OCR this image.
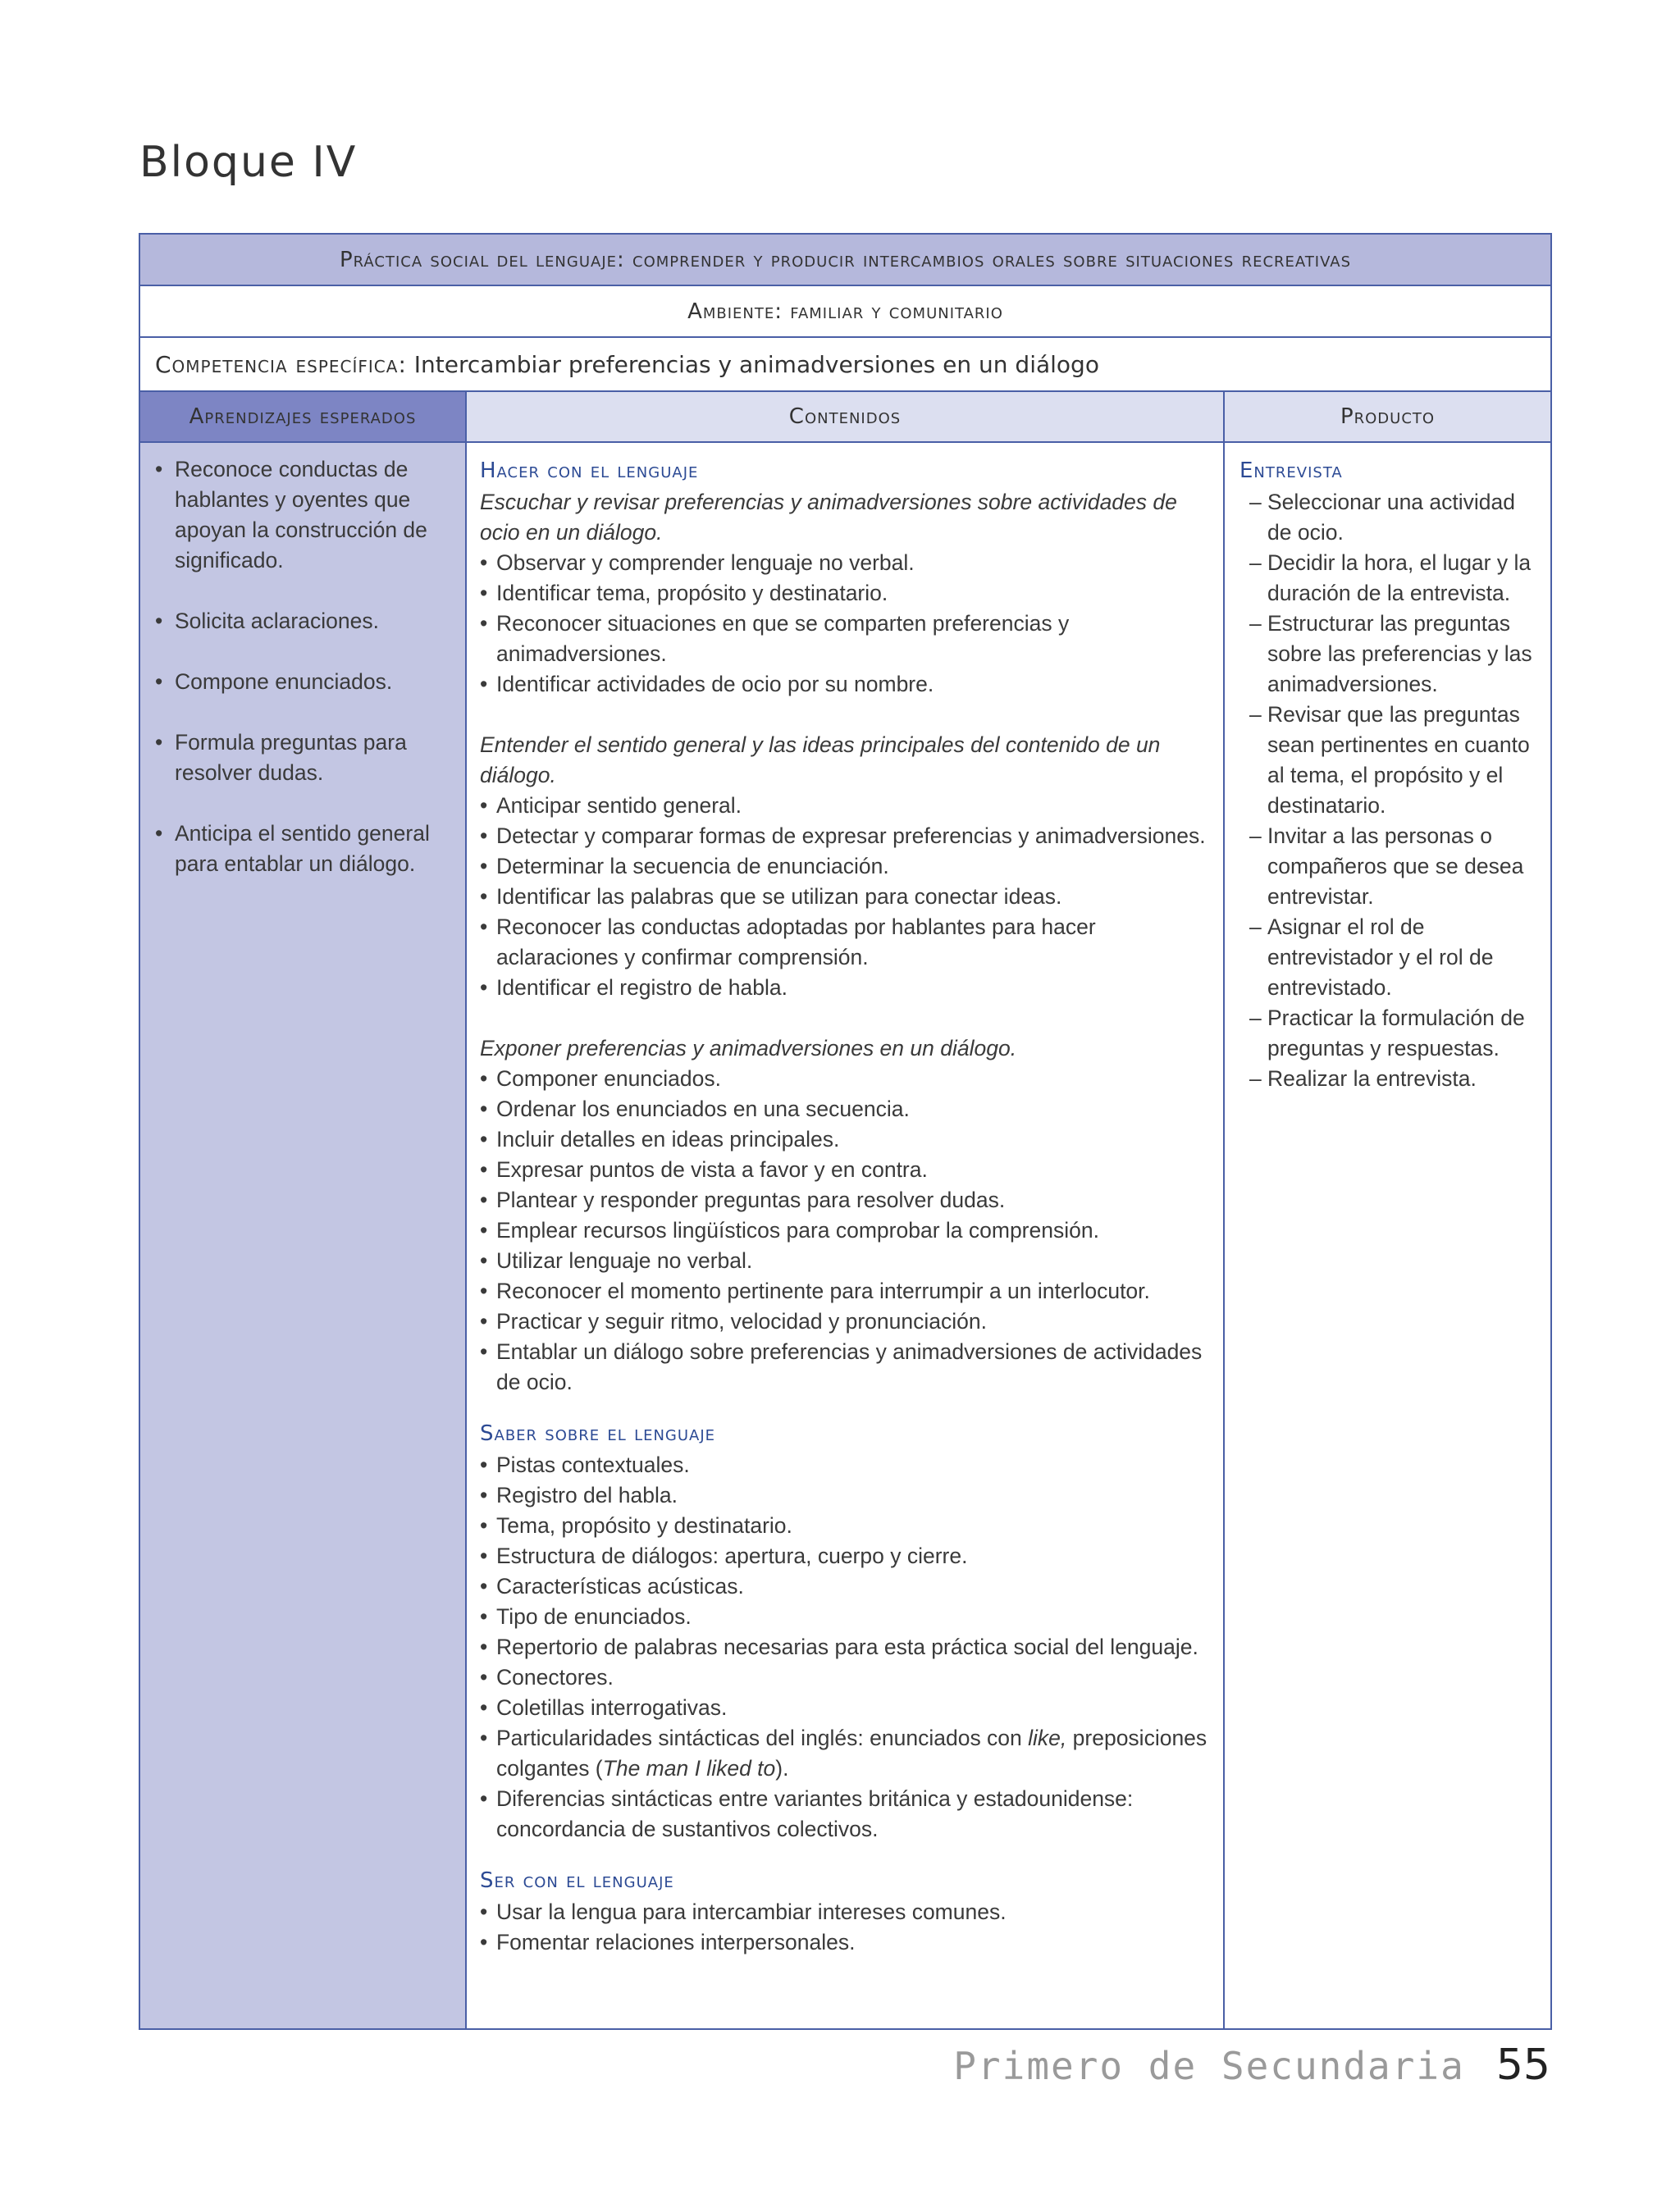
Bloque IV
Práctica social del lenguaje: comprender y producir intercambios orales sobre situaciones recreativas
Ambiente: familiar y comunitario
Competencia específica: Intercambiar preferencias y animadversiones en un diálogo
Aprendizajes esperados	Contenidos	Producto
• Reconoce conductas de hablantes y oyentes que apoyan la construcción de significado.
• Solicita aclaraciones.
• Compone enunciados.
• Formula preguntas para resolver dudas.
• Anticipa el sentido general para entablar un diálogo.

Hacer con el lenguaje

Escuchar y revisar preferencias y animadversiones sobre actividades de ocio en un diálogo.

• Observar y comprender lenguaje no verbal.
• Identificar tema, propósito y destinatario.
• Reconocer situaciones en que se comparten preferencias y animadversiones.
• Identificar actividades de ocio por su nombre.

Entender el sentido general y las ideas principales del contenido de un diálogo.

• Anticipar sentido general.
• Detectar y comparar formas de expresar preferencias y animadversiones.
• Determinar la secuencia de enunciación.
• Identificar las palabras que se utilizan para conectar ideas.
• Reconocer las conductas adoptadas por hablantes para hacer aclaraciones y confirmar comprensión.
• Identificar el registro de habla.

Exponer preferencias y animadversiones en un diálogo.

• Componer enunciados.
• Ordenar los enunciados en una secuencia.
• Incluir detalles en ideas principales.
• Expresar puntos de vista a favor y en contra.
• Plantear y responder preguntas para resolver dudas.
• Emplear recursos lingüísticos para comprobar la comprensión.
• Utilizar lenguaje no verbal.
• Reconocer el momento pertinente para interrumpir a un interlocutor.
• Practicar y seguir ritmo, velocidad y pronunciación.
• Entablar un diálogo sobre preferencias y animadversiones de actividades de ocio.

Saber sobre el lenguaje

• Pistas contextuales.
• Registro del habla.
• Tema, propósito y destinatario.
• Estructura de diálogos: apertura, cuerpo y cierre.
• Características acústicas.
• Tipo de enunciados.
• Repertorio de palabras necesarias para esta práctica social del lenguaje.
• Conectores.
• Coletillas interrogativas.
• Particularidades sintácticas del inglés: enunciados con like, preposiciones colgantes (The man I liked to).
• Diferencias sintácticas entre variantes británica y estadounidense: concordancia de sustantivos colectivos.

Ser con el lenguaje

• Usar la lengua para intercambiar intereses comunes.
• Fomentar relaciones interpersonales.

Entrevista

– Seleccionar una actividad de ocio.
– Decidir la hora, el lugar y la duración de la entrevista.
– Estructurar las preguntas sobre las preferencias y las animadversiones.
– Revisar que las preguntas sean pertinentes en cuanto al tema, el propósito y el destinatario.
– Invitar a las personas o compañeros que se desea entrevistar.
– Asignar el rol de entrevistador y el rol de entrevistado.
– Practicar la formulación de preguntas y respuestas.
– Realizar la entrevista.
Primero de Secundaria 55
